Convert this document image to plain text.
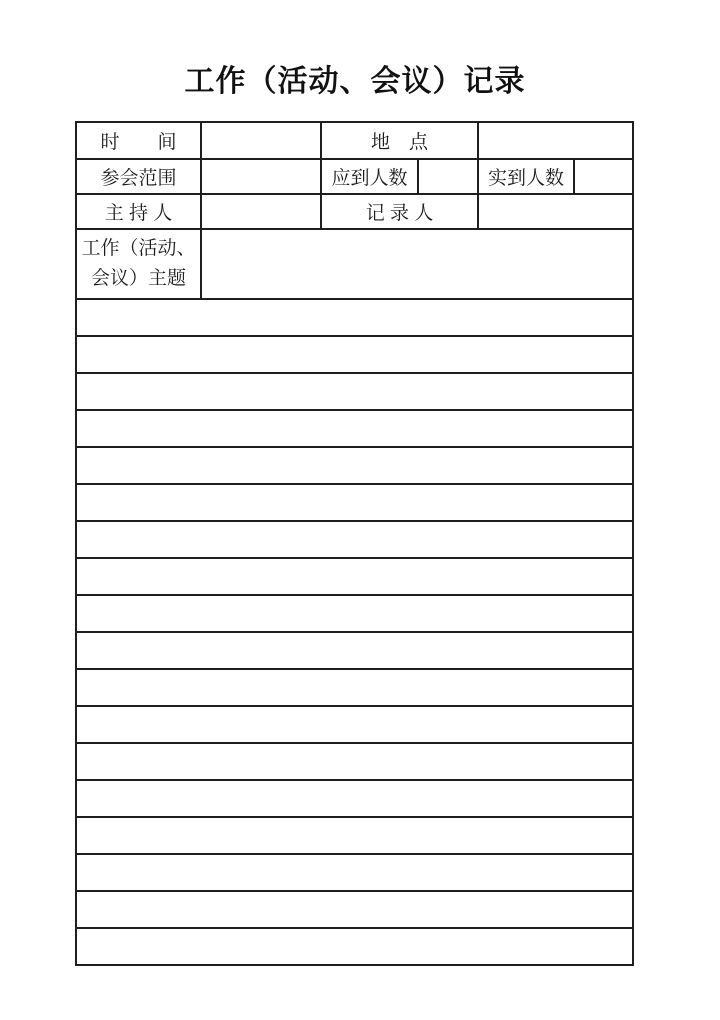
工作（活动、会议）记录
时　　间		地　点			
参会范围		应到人数		实到人数	
主 持 人		记 录 人			

工作（活动、
会议）主题					
